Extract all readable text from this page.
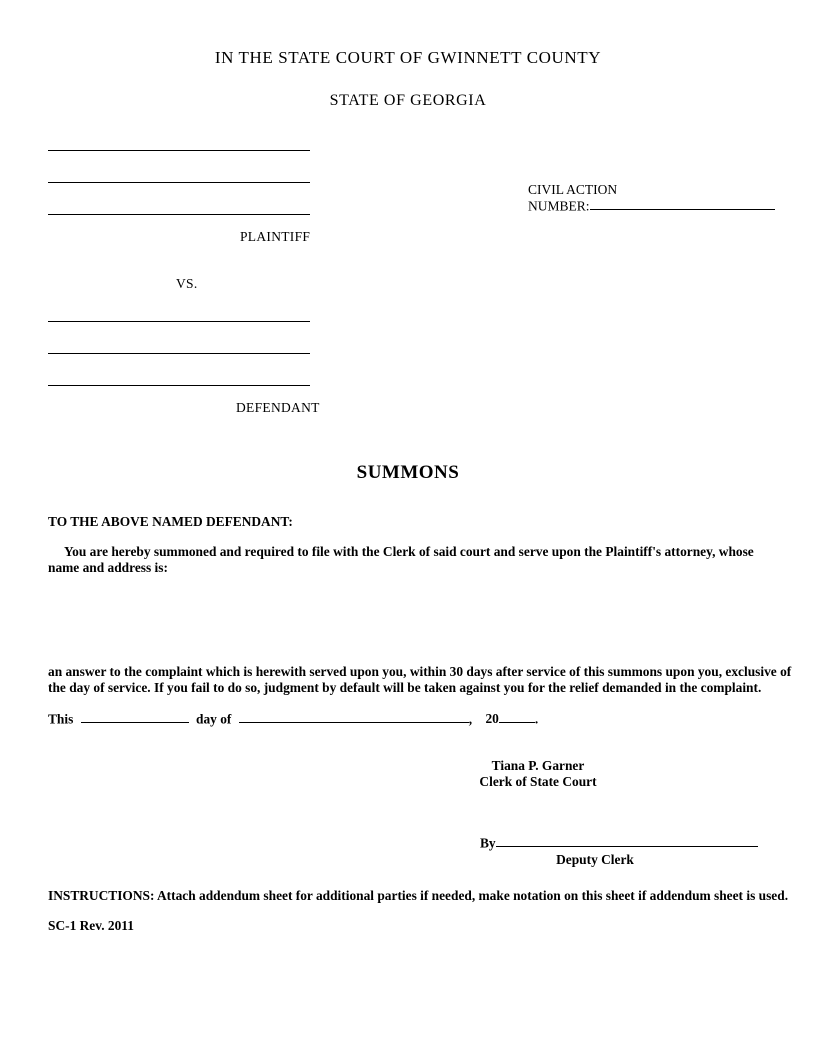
IN THE STATE COURT OF GWINNETT COUNTY
STATE OF GEORGIA
CIVIL ACTION
NUMBER:
PLAINTIFF
VS.
DEFENDANT
SUMMONS
TO THE ABOVE NAMED DEFENDANT:
You are hereby summoned and required to file with the Clerk of said court and serve upon the Plaintiff's attorney, whose name and address is:
an answer to the complaint which is herewith served upon you, within 30 days after service of this summons upon you, exclusive of the day of service. If you fail to do so, judgment by default will be taken against you for the relief demanded in the complaint.
This	day of	, 20	.
Tiana P. Garner
Clerk of State Court
By
Deputy Clerk
INSTRUCTIONS: Attach addendum sheet for additional parties if needed, make notation on this sheet if addendum sheet is used.
SC-1 Rev. 2011
